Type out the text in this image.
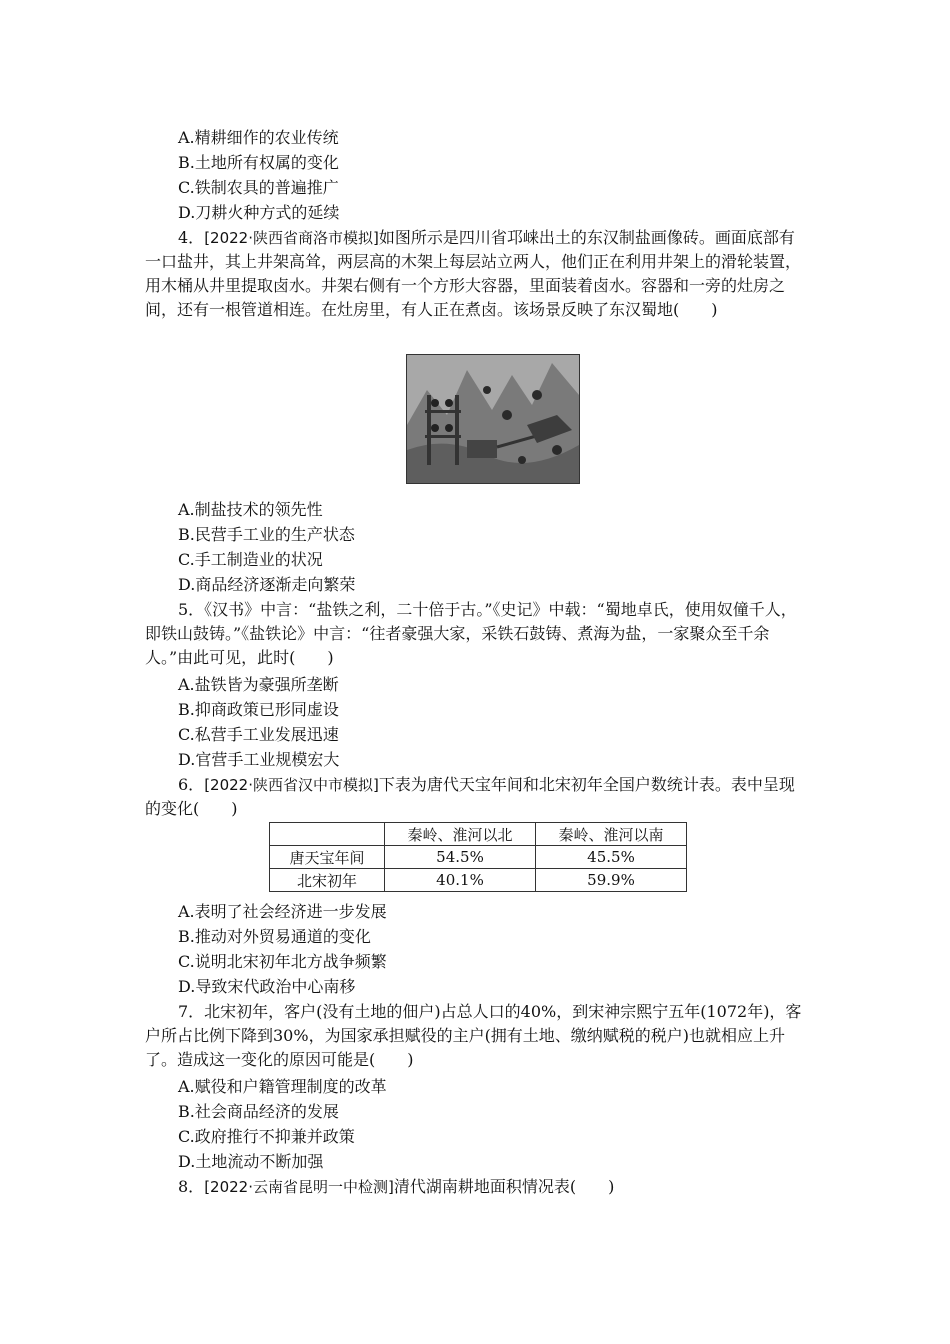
A.精耕细作的农业传统
B.土地所有权属的变化
C.铁制农具的普遍推广
D.刀耕火种方式的延续
4．[2022·陕西省商洛市模拟]如图所示是四川省邛崃出土的东汉制盐画像砖。画面底部有一口盐井，其上井架高耸，两层高的木架上每层站立两人，他们正在利用井架上的滑轮装置，用木桶从井里提取卤水。井架右侧有一个方形大容器，里面装着卤水。容器和一旁的灶房之间，还有一根管道相连。在灶房里，有人正在煮卤。该场景反映了东汉蜀地(　　)
A.制盐技术的领先性
B.民营手工业的生产状态
C.手工制造业的状况
D.商品经济逐渐走向繁荣
5．《汉书》中言：“盐铁之利，二十倍于古。”《史记》中载：“蜀地卓氏，使用奴僮千人，即铁山鼓铸。”《盐铁论》中言：“往者豪强大家，采铁石鼓铸、煮海为盐，一家聚众至千余人。”由此可见，此时(　　)
A.盐铁皆为豪强所垄断
B.抑商政策已形同虚设
C.私营手工业发展迅速
D.官营手工业规模宏大
6．[2022·陕西省汉中市模拟]下表为唐代天宝年间和北宋初年全国户数统计表。表中呈现的变化(　　)
	秦岭、淮河以北	秦岭、淮河以南
唐天宝年间	54.5%	45.5%
北宋初年	40.1%	59.9%
A.表明了社会经济进一步发展
B.推动对外贸易通道的变化
C.说明北宋初年北方战争频繁
D.导致宋代政治中心南移
7．北宋初年，客户(没有土地的佃户)占总人口的40%，到宋神宗熙宁五年(1072年)，客户所占比例下降到30%，为国家承担赋役的主户(拥有土地、缴纳赋税的税户)也就相应上升了。造成这一变化的原因可能是(　　)
A.赋役和户籍管理制度的改革
B.社会商品经济的发展
C.政府推行不抑兼并政策
D.土地流动不断加强
8．[2022·云南省昆明一中检测]清代湖南耕地面积情况表(　　)
